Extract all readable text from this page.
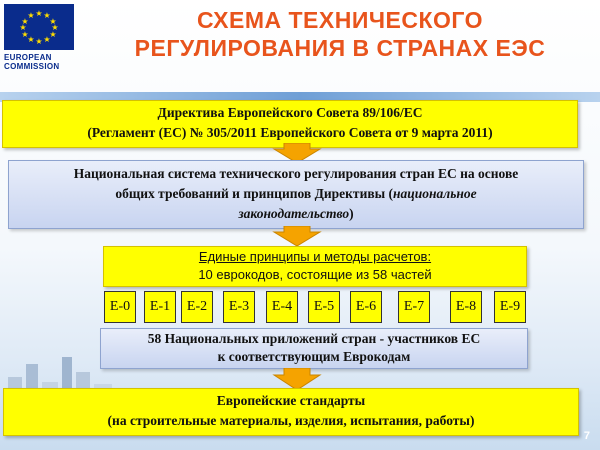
★ ★
★
★
★
★
★
★
★
★
★
★
EUROPEAN
COMMISSION
СХЕМА ТЕХНИЧЕСКОГО
РЕГУЛИРОВАНИЯ В СТРАНАХ ЕЭС
Директива Европейского Совета 89/106/ЕС
(Регламент (ЕС) № 305/2011 Европейского Совета от 9 марта 2011)
Национальная система технического регулирования стран ЕС на основе
общих требований и принципов Директивы (национальное
законодательство)
Единые принципы и методы расчетов:
10 еврокодов, состоящие из 58 частей
Е-0	Е-1	Е-2	Е-3	Е-4	Е-5	Е-6	Е-7	Е-8	Е-9
58 Национальных приложений стран - участников ЕС
к соответствующим Еврокодам
Европейские стандарты
(на строительные материалы, изделия, испытания, работы)
7
